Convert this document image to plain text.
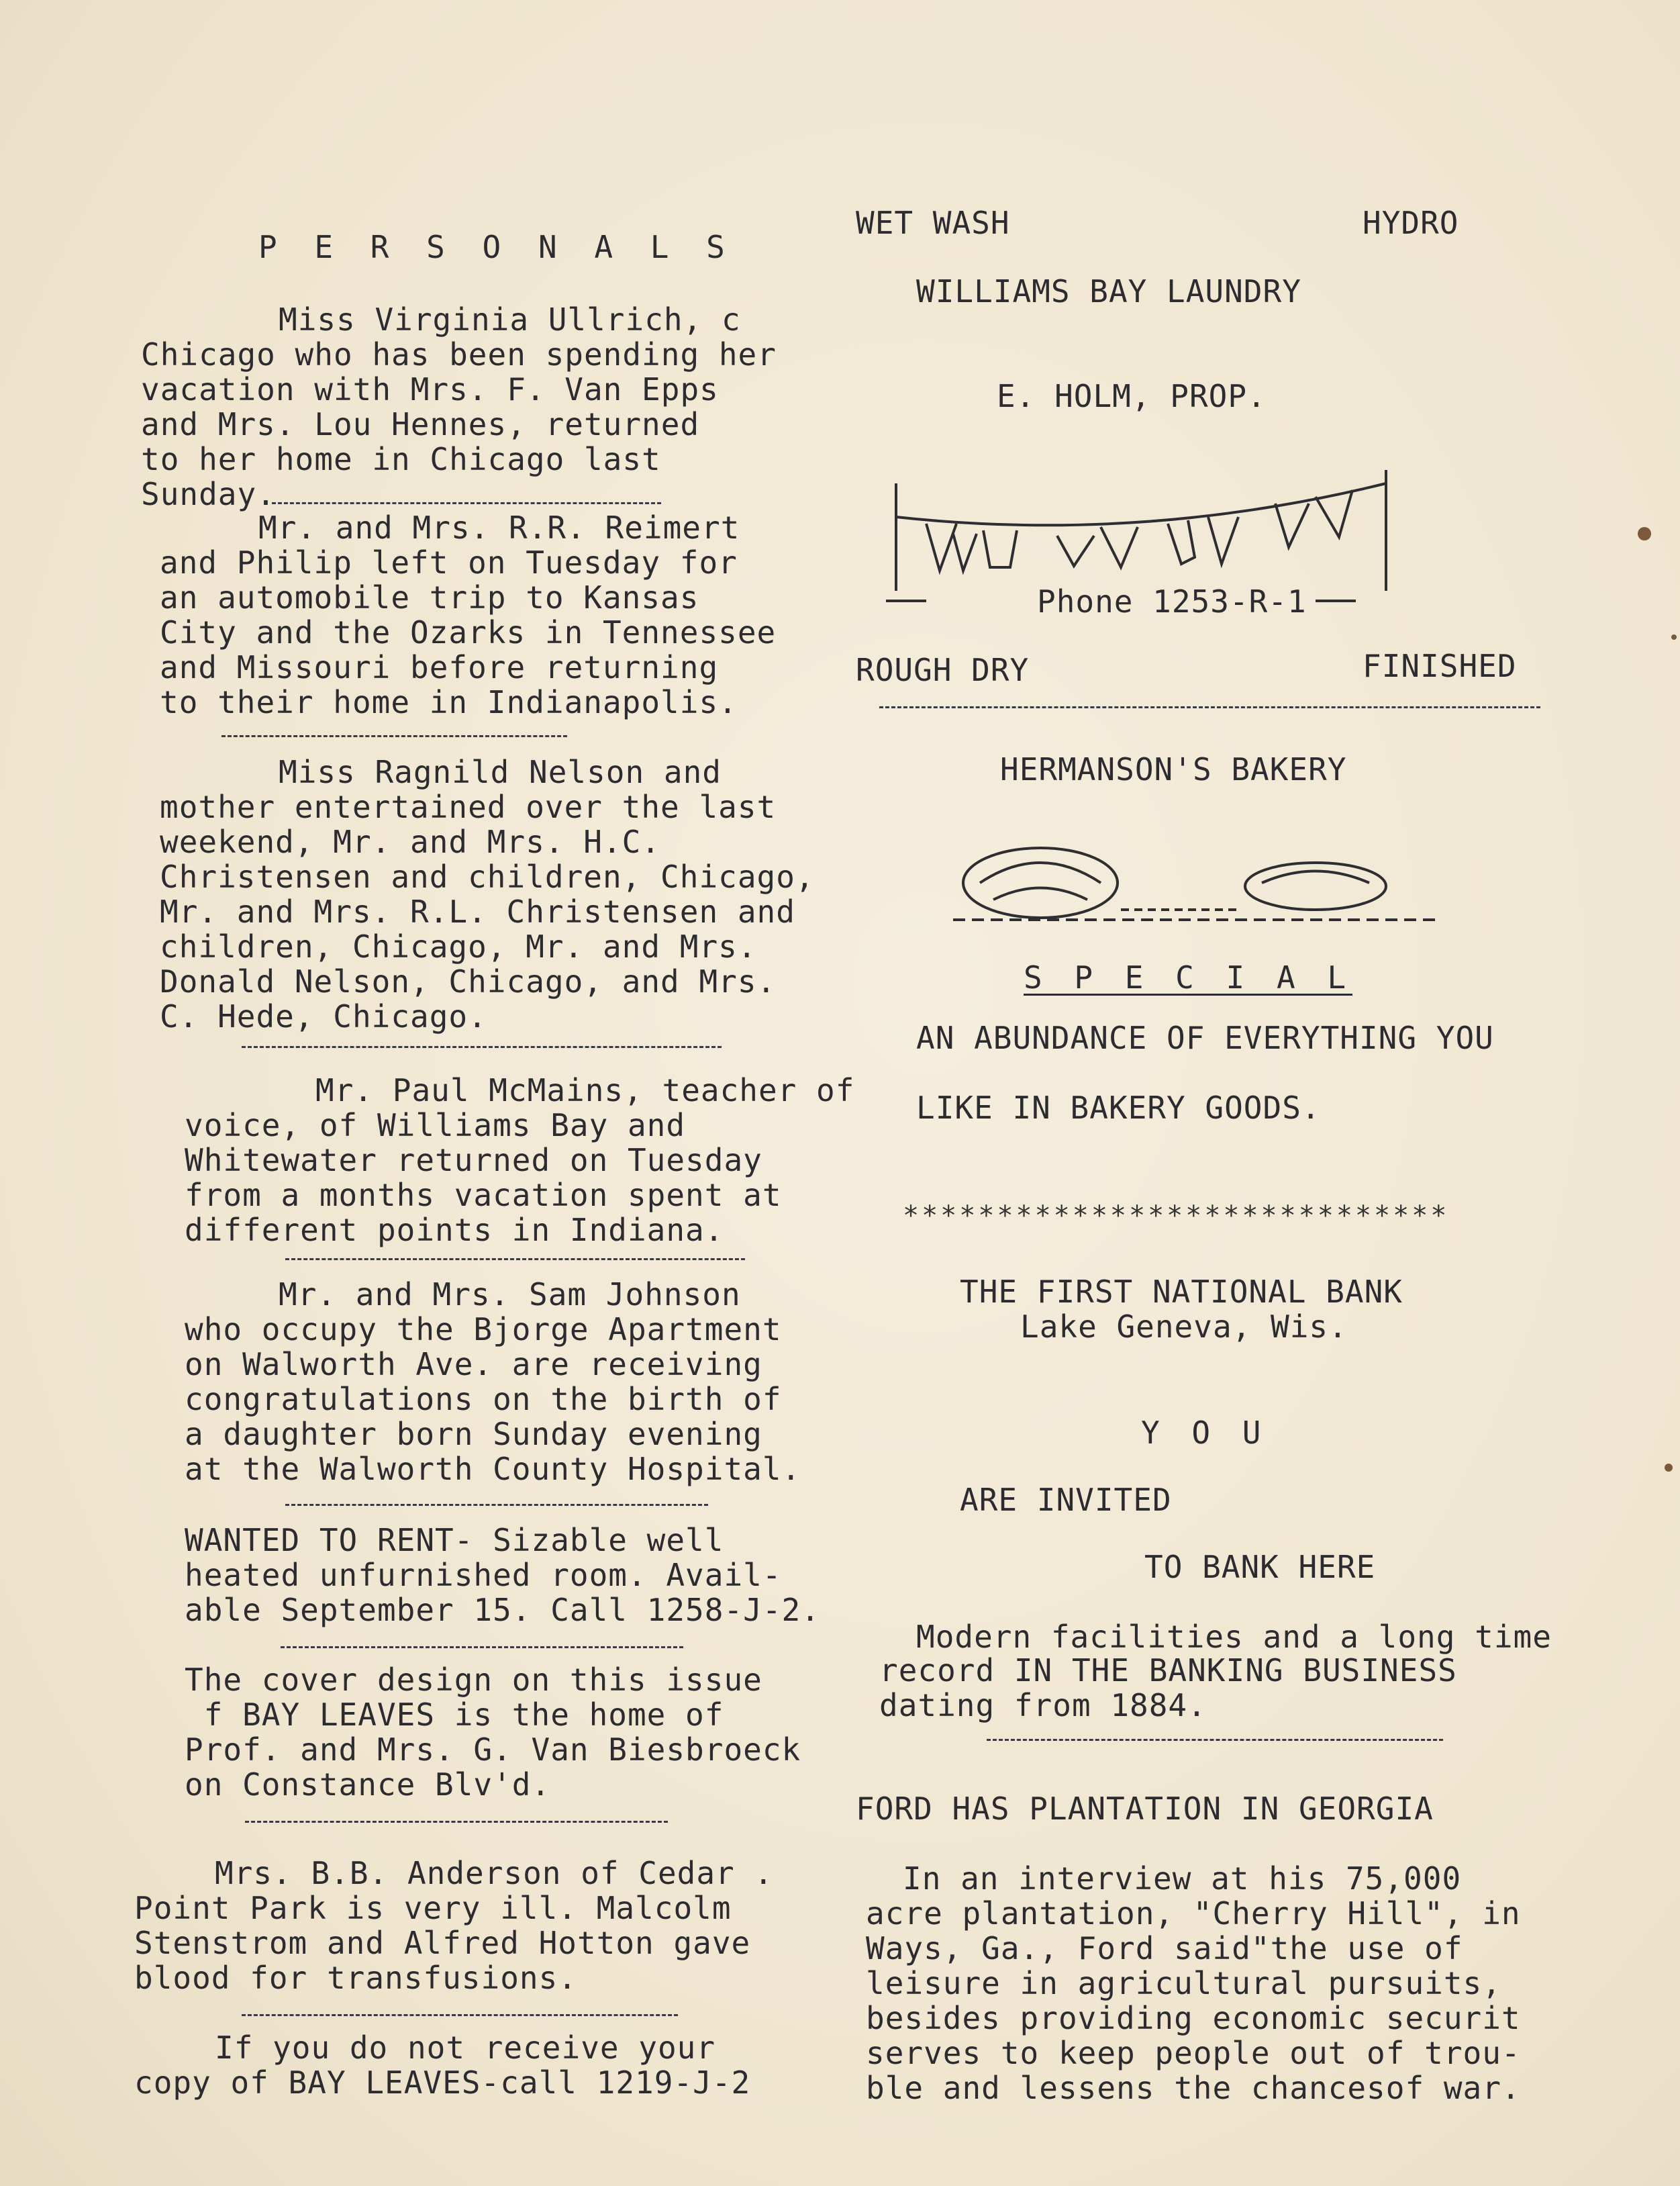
P E R S O N A L S
Miss Virginia Ullrich, c
Chicago who has been spending her
vacation with Mrs. F. Van Epps
and Mrs. Lou Hennes, returned
to her home in Chicago last
Sunday.
Mr. and Mrs. R.R. Reimert
and Philip left on Tuesday for
an automobile trip to Kansas
City and the Ozarks in Tennessee
and Missouri before returning
to their home in Indianapolis.
Miss Ragnild Nelson and
mother entertained over the last
weekend, Mr. and Mrs. H.C.
Christensen and children, Chicago,
Mr. and Mrs. R.L. Christensen and
children, Chicago, Mr. and Mrs.
Donald Nelson, Chicago, and Mrs.
C. Hede, Chicago.
Mr. Paul McMains, teacher of
voice, of Williams Bay and
Whitewater returned on Tuesday
from a months vacation spent at
different points in Indiana.
Mr. and Mrs. Sam Johnson
who occupy the Bjorge Apartment
on Walworth Ave. are receiving
congratulations on the birth of
a daughter born Sunday evening
at the Walworth County Hospital.
WANTED TO RENT- Sizable well
heated unfurnished room. Avail-
able September 15. Call 1258-J-2.
The cover design on this issue
f BAY LEAVES is the home of
Prof. and Mrs. G. Van Biesbroeck
on Constance Blv'd.
Mrs. B.B. Anderson of Cedar .
Point Park is very ill. Malcolm
Stenstrom and Alfred Hotton gave
blood for transfusions.
If you do not receive your
copy of BAY LEAVES-call 1219-J-2
WET WASH	HYDRO
WILLIAMS BAY LAUNDRY
E. HOLM, PROP.
Phone 1253-R-1
ROUGH DRY	FINISHED
HERMANSON'S BAKERY
S P E C I A L
AN ABUNDANCE OF EVERYTHING YOU
LIKE IN BAKERY GOODS.
*****************************
THE FIRST NATIONAL BANK
Lake Geneva, Wis.
Y O U
ARE INVITED
TO BANK HERE
Modern facilities and a long time
record IN THE BANKING BUSINESS
dating from 1884.
FORD HAS PLANTATION IN GEORGIA
In an interview at his 75,000
acre plantation, "Cherry Hill", in
Ways, Ga., Ford said"the use of
leisure in agricultural pursuits,
besides providing economic securit
serves to keep people out of trou-
ble and lessens the chancesof war.
